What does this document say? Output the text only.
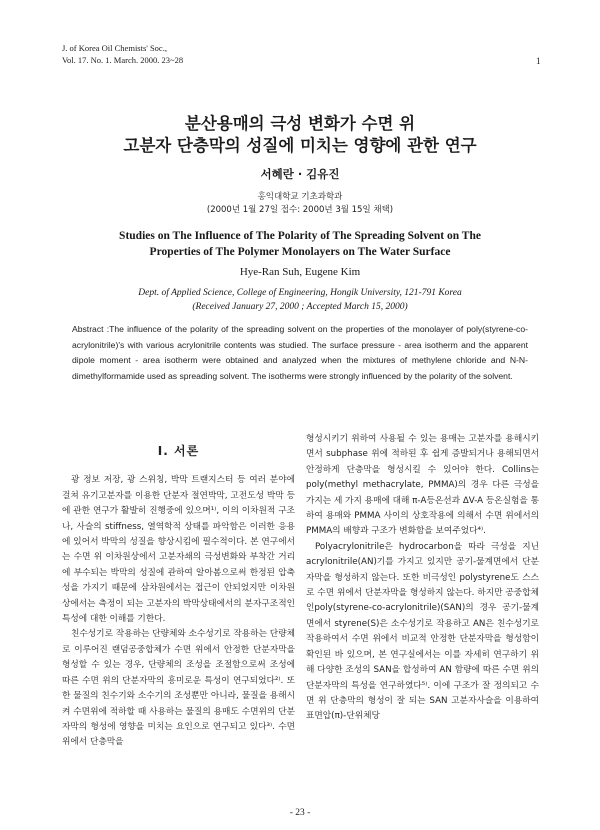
J. of Korea Oil Chemists' Soc.,
Vol. 17. No. 1. March. 2000. 23~28	1
분산용매의 극성 변화가 수면 위
고분자 단층막의 성질에 미치는 영향에 관한 연구
서혜란 · 김유진
홍익대학교 기초과학과
(2000년 1월 27일 접수: 2000년 3월 15일 채택)
Studies on The Influence of The Polarity of The Spreading Solvent on The
Properties of The Polymer Monolayers on The Water Surface
Hye-Ran Suh, Eugene Kim
Dept. of Applied Science, College of Engineering, Hongik University, 121-791 Korea
(Received January 27, 2000 ; Accepted March 15, 2000)
Abstract :The influence of the polarity of the spreading solvent on the properties of the monolayer of poly(styrene-co-acrylonitrile)'s with various acrylonitrile contents was studied. The surface pressure - area isotherm and the apparent dipole moment - area isotherm were obtained and analyzed when the mixtures of methylene chloride and N-N-dimethylformamide used as spreading solvent. The isotherms were strongly influenced by the polarity of the solvent.
I. 서론

광 정보 저장, 광 스위칭, 박막 트랜지스터 등 여러 분야에 걸쳐 유기고분자를 이용한 단분자 절연박막, 고전도성 박막 등에 관한 연구가 활발히 진행중에 있으며¹⁾, 이의 이차원적 구조나, 사슬의 stiffness, 열역학적 상태를 파악함은 이러한 응용에 있어서 박막의 성질을 향상시킴에 필수적이다. 본 연구에서는 수면 위 이차원상에서 고분자쇄의 극성변화와 부착간 거리에 부수되는 박막의 성질에 관하여 알아봄으로써 한정된 압축성을 가지기 때문에 삼차원에서는 접근이 안되었지만 이차원상에서는 측정이 되는 고분자의 박막상태에서의 분자구조적인 특성에 대한 이해를 기한다.

친수성기로 작용하는 단량체와 소수성기로 작용하는 단량체로 이루어진 랜덤공중합체가 수면 위에서 안정한 단분자막을 형성할 수 있는 경우, 단량체의 조성을 조절함으로써 조성에 따른 수면 위의 단분자막의 흥미로운 특성이 연구되었다²⁾. 또한 물질의 친수기와 소수기의 조성뿐만 아니라, 물질을 용해시켜 수면위에 적하할 때 사용하는 물질의 용매도 수면위의 단분자막의 형성에 영향을 미치는 요인으로 연구되고 있다³⁾. 수면 위에서 단층막을

형성시키기 위하여 사용될 수 있는 용매는 고분자를 용해시키면서 subphase 위에 적하된 후 쉽게 증발되거나 용해되면서 안정하게 단층막을 형성시킬 수 있어야 한다. Collins는 poly(methyl methacrylate, PMMA)의 경우 다른 극성을 가지는 세 가지 용매에 대해 π-A등온선과 ΔV-A 등온실험을 통하여 용매와 PMMA 사이의 상호작용에 의해서 수면 위에서의 PMMA의 배향과 구조가 변화함을 보여주었다⁴⁾.

Polyacrylonitrile은 hydrocarbon을 따라 극성을 지닌 acrylonitrile(AN)기를 가지고 있지만 공기-물계면에서 단분자막을 형성하지 않는다. 또한 비극성인 polystyrene도 스스로 수면 위에서 단분자막을 형성하지 않는다. 하지만 공중합체인poly(styrene-co-acrylonitrile)(SAN)의 경우 공기-물계면에서 styrene(S)은 소수성기로 작용하고 AN은 친수성기로 작용하여서 수면 위에서 비교적 안정한 단분자막을 형성함이 확인된 바 있으며, 본 연구실에서는 이를 자세히 연구하기 위해 다양한 조성의 SAN을 합성하여 AN 함량에 따른 수면 위의 단분자막의 특성을 연구하였다⁵⁾. 이에 구조가 잘 정의되고 수면 위 단층막의 형성이 잘 되는 SAN 고분자사슬을 이용하여 표면압(π)-단위체당

- 23 -
